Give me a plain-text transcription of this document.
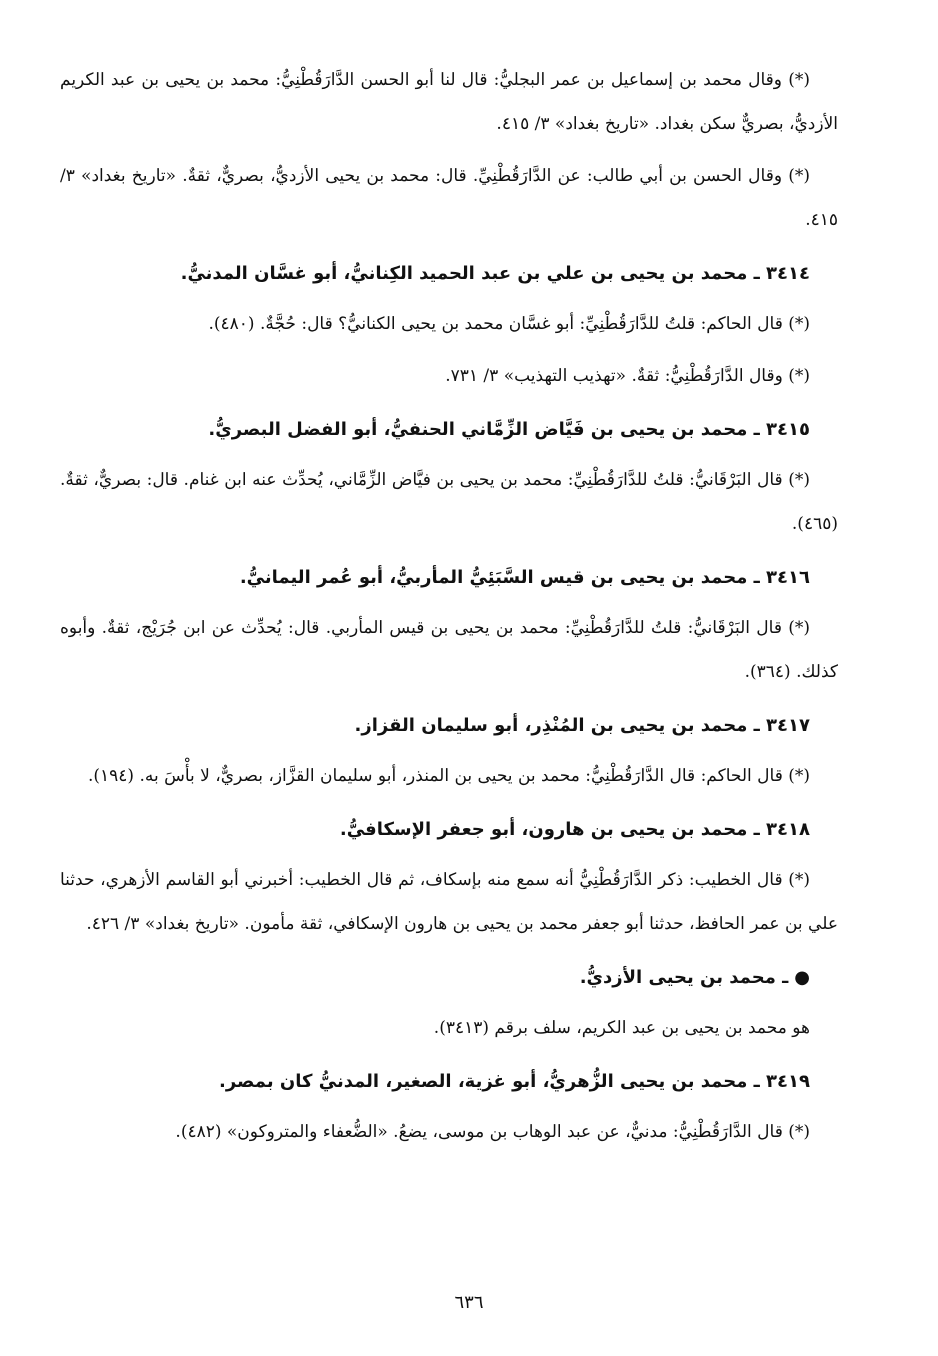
(*) وقال محمد بن إسماعيل بن عمر البجليُّ: قال لنا أبو الحسن الدَّارَقُطْنِيُّ: محمد بن يحيى بن عبد الكريم الأزديُّ، بصريٌّ سكن بغداد. «تاريخ بغداد» ٣/ ٤١٥.

(*) وقال الحسن بن أبي طالب: عن الدَّارَقُطْنِيِّ. قال: محمد بن يحيى الأزديُّ، بصريٌّ، ثقةٌ. «تاريخ بغداد» ٣/ ٤١٥.

٣٤١٤ ـ محمد بن يحيى بن علي بن عبد الحميد الكِنانيُّ، أبو غسَّان المدنيُّ.

(*) قال الحاكم: قلتُ للدَّارَقُطْنِيِّ: أبو غسَّان محمد بن يحيى الكنانيُّ؟ قال: حُجَّةٌ. (٤٨٠).

(*) وقال الدَّارَقُطْنِيُّ: ثقةٌ. «تهذيب التهذيب» ٣/ ٧٣١.

٣٤١٥ ـ محمد بن يحيى بن فَيَّاض الزِّمَّاني الحنفيُّ، أبو الفضل البصريُّ.

(*) قال البَرْقَانيُّ: قلتُ للدَّارَقُطْنِيِّ: محمد بن يحيى بن فيَّاض الزِّمَّاني، يُحدِّث عنه ابن غنام. قال: بصريٌّ، ثقةٌ. (٤٦٥).

٣٤١٦ ـ محمد بن يحيى بن قيس السَّبَئِيُّ المأربيُّ، أبو عُمر اليمانيُّ.

(*) قال البَرْقَانيُّ: قلتُ للدَّارَقُطْنِيِّ: محمد بن يحيى بن قيس المأربي. قال: يُحدِّث عن ابن جُرَيْج، ثقةٌ. وأبوه كذلك. (٣٦٤).

٣٤١٧ ـ محمد بن يحيى بن المُنْذِر، أبو سليمان القزاز.

(*) قال الحاكم: قال الدَّارَقُطْنِيُّ: محمد بن يحيى بن المنذر، أبو سليمان القزَّاز، بصريٌّ، لا بأْسَ به. (١٩٤).

٣٤١٨ ـ محمد بن يحيى بن هارون، أبو جعفر الإسكافيُّ.

(*) قال الخطيب: ذكر الدَّارَقُطْنِيُّ أنه سمع منه بإسكاف، ثم قال الخطيب: أخبرني أبو القاسم الأزهري، حدثنا علي بن عمر الحافظ، حدثنا أبو جعفر محمد بن يحيى بن هارون الإسكافي، ثقة مأمون. «تاريخ بغداد» ٣/ ٤٢٦.

●ـ محمد بن يحيى الأزديُّ.

هو محمد بن يحيى بن عبد الكريم، سلف برقم (٣٤١٣).

٣٤١٩ ـ محمد بن يحيى الزُّهريُّ، أبو غزية، الصغير، المدنيُّ كان بمصر.

(*) قال الدَّارَقُطْنِيُّ: مدنيٌّ، عن عبد الوهاب بن موسى، يضعُ. «الضُّعفاء والمتروكون» (٤٨٢).

٦٣٦
